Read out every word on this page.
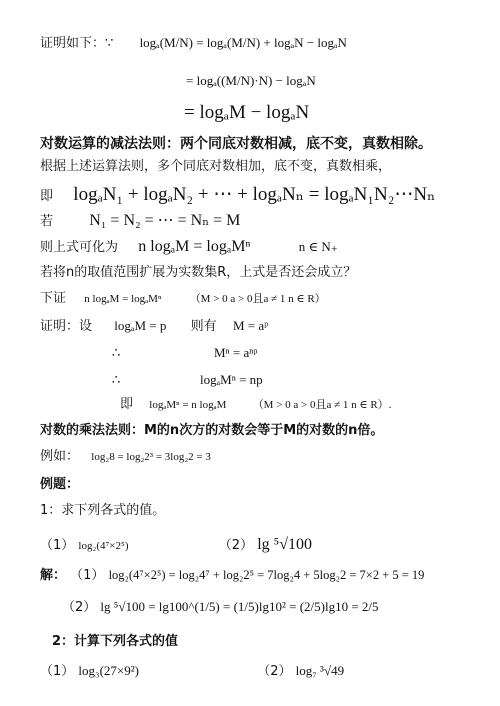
证明如下：∵ logₐ(M/N) = logₐ(M/N) + logₐN − logₐN
= logₐ((M/N)·N) − logₐN
= logₐM − logₐN
对数运算的减法法则：两个同底对数相减，底不变，真数相除。
根据上述运算法则，多个同底对数相加，底不变，真数相乘，
即 logₐN₁ + logₐN₂ + ⋯ + logₐNₙ = logₐN₁N₂⋯Nₙ
若 N₁ = N₂ = ⋯ = Nₙ = M
则上式可化为 n logₐM = logₐMⁿ	n ∈ N₊
若将n的取值范围扩展为实数集R，上式是否还会成立？
下证 n logₐM = logₐMⁿ	（M > 0 a > 0且a ≠ 1 n ∈ R）
证明：设 logₐM = p 则有 M = aᵖ
∴	Mⁿ = aⁿᵖ
∴	logₐMⁿ = np
即 logₐMⁿ = n logₐM （M > 0 a > 0且a ≠ 1 n ∈ R）.
对数的乘法法则：M的n次方的对数会等于M的对数的n倍。
例如： log₂8 = log₂2³ = 3log₂2 = 3
例题：
1：求下列各式的值。
（1） log₂(4⁷×2⁵)	（2） lg ⁵√100
解： （1） log₂(4⁷×2⁵) = log₂4⁷ + log₂2⁵ = 7log₂4 + 5log₂2 = 7×2 + 5 = 19
（2） lg ⁵√100 = lg100^(1/5) = (1/5)lg10² = (2/5)lg10 = 2/5
2：计算下列各式的值
（1） log₃(27×9²)	（2） log₇ ³√49
